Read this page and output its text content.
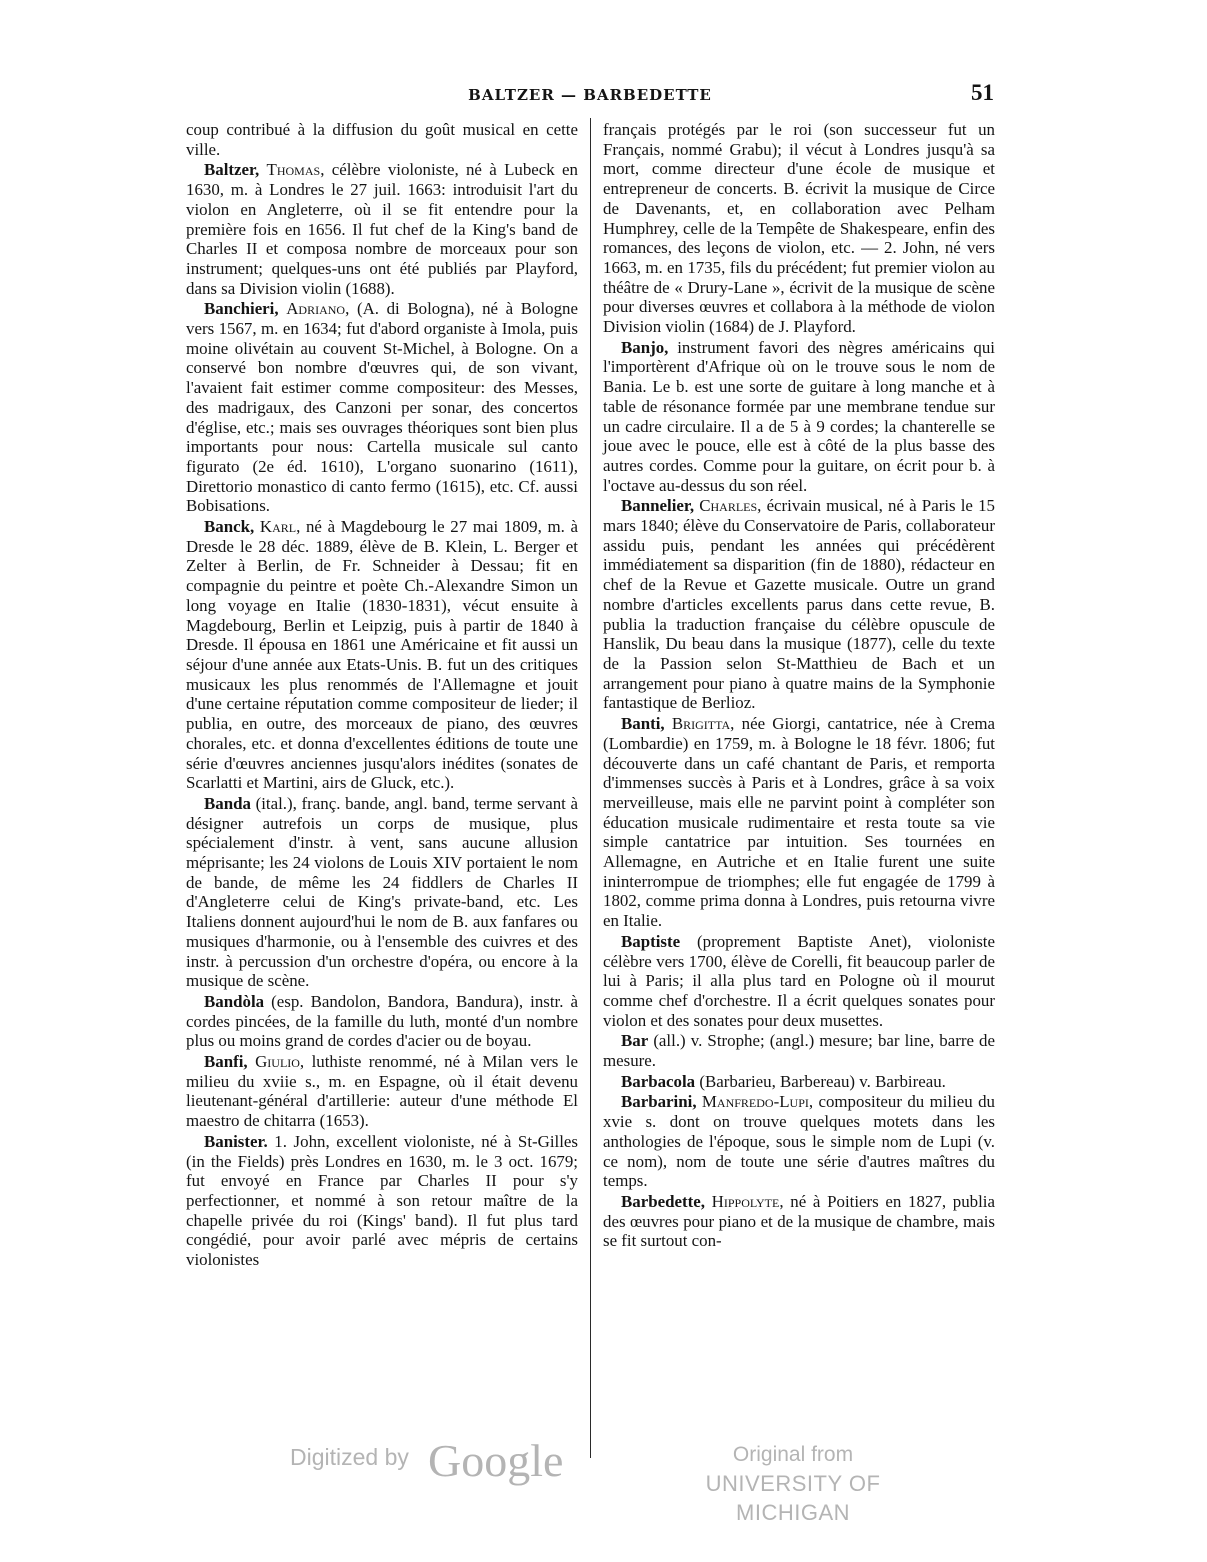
BALTZER — BARBEDETTE	51

coup contribué à la diffusion du goût musical en cette ville.

Baltzer, Thomas, célèbre violoniste, né à Lubeck en 1630, m. à Londres le 27 juil. 1663: introduisit l'art du violon en Angleterre, où il se fit entendre pour la première fois en 1656. Il fut chef de la King's band de Charles II et composa nombre de morceaux pour son instrument; quelques-uns ont été publiés par Playford, dans sa Division violin (1688).

Banchieri, Adriano, (A. di Bologna), né à Bologne vers 1567, m. en 1634; fut d'abord organiste à Imola, puis moine olivétain au couvent St-Michel, à Bologne. On a conservé bon nombre d'œuvres qui, de son vivant, l'avaient fait estimer comme compositeur: des Messes, des madrigaux, des Canzoni per sonar, des concertos d'église, etc.; mais ses ouvrages théoriques sont bien plus importants pour nous: Cartella musicale sul canto figurato (2e éd. 1610), L'organo suonarino (1611), Direttorio monastico di canto fermo (1615), etc. Cf. aussi Bobisations.

Banck, Karl, né à Magdebourg le 27 mai 1809, m. à Dresde le 28 déc. 1889, élève de B. Klein, L. Berger et Zelter à Berlin, de Fr. Schneider à Dessau; fit en compagnie du peintre et poète Ch.-Alexandre Simon un long voyage en Italie (1830-1831), vécut ensuite à Magdebourg, Berlin et Leipzig, puis à partir de 1840 à Dresde. Il épousa en 1861 une Américaine et fit aussi un séjour d'une année aux Etats-Unis. B. fut un des critiques musicaux les plus renommés de l'Allemagne et jouit d'une certaine réputation comme compositeur de lieder; il publia, en outre, des morceaux de piano, des œuvres chorales, etc. et donna d'excellentes éditions de toute une série d'œuvres anciennes jusqu'alors inédites (sonates de Scarlatti et Martini, airs de Gluck, etc.).

Banda (ital.), franç. bande, angl. band, terme servant à désigner autrefois un corps de musique, plus spécialement d'instr. à vent, sans aucune allusion méprisante; les 24 violons de Louis XIV portaient le nom de bande, de même les 24 fiddlers de Charles II d'Angleterre celui de King's private-band, etc. Les Italiens donnent aujourd'hui le nom de B. aux fanfares ou musiques d'harmonie, ou à l'ensemble des cuivres et des instr. à percussion d'un orchestre d'opéra, ou encore à la musique de scène.

Bandòla (esp. Bandolon, Bandora, Bandura), instr. à cordes pincées, de la famille du luth, monté d'un nombre plus ou moins grand de cordes d'acier ou de boyau.

Banfi, Giulio, luthiste renommé, né à Milan vers le milieu du xviie s., m. en Espagne, où il était devenu lieutenant-général d'artillerie: auteur d'une méthode El maestro de chitarra (1653).

Banister. 1. John, excellent violoniste, né à St-Gilles (in the Fields) près Londres en 1630, m. le 3 oct. 1679; fut envoyé en France par Charles II pour s'y perfectionner, et nommé à son retour maître de la chapelle privée du roi (Kings' band). Il fut plus tard congédié, pour avoir parlé avec mépris de certains violonistes

français protégés par le roi (son successeur fut un Français, nommé Grabu); il vécut à Londres jusqu'à sa mort, comme directeur d'une école de musique et entrepreneur de concerts. B. écrivit la musique de Circe de Davenants, et, en collaboration avec Pelham Humphrey, celle de la Tempête de Shakespeare, enfin des romances, des leçons de violon, etc. — 2. John, né vers 1663, m. en 1735, fils du précédent; fut premier violon au théâtre de « Drury-Lane », écrivit de la musique de scène pour diverses œuvres et collabora à la méthode de violon Division violin (1684) de J. Playford.

Banjo, instrument favori des nègres américains qui l'importèrent d'Afrique où on le trouve sous le nom de Bania. Le b. est une sorte de guitare à long manche et à table de résonance formée par une membrane tendue sur un cadre circulaire. Il a de 5 à 9 cordes; la chanterelle se joue avec le pouce, elle est à côté de la plus basse des autres cordes. Comme pour la guitare, on écrit pour b. à l'octave au-dessus du son réel.

Bannelier, Charles, écrivain musical, né à Paris le 15 mars 1840; élève du Conservatoire de Paris, collaborateur assidu puis, pendant les années qui précédèrent immédiatement sa disparition (fin de 1880), rédacteur en chef de la Revue et Gazette musicale. Outre un grand nombre d'articles excellents parus dans cette revue, B. publia la traduction française du célèbre opuscule de Hanslik, Du beau dans la musique (1877), celle du texte de la Passion selon St-Matthieu de Bach et un arrangement pour piano à quatre mains de la Symphonie fantastique de Berlioz.

Banti, Brigitta, née Giorgi, cantatrice, née à Crema (Lombardie) en 1759, m. à Bologne le 18 févr. 1806; fut découverte dans un café chantant de Paris, et remporta d'immenses succès à Paris et à Londres, grâce à sa voix merveilleuse, mais elle ne parvint point à compléter son éducation musicale rudimentaire et resta toute sa vie simple cantatrice par intuition. Ses tournées en Allemagne, en Autriche et en Italie furent une suite ininterrompue de triomphes; elle fut engagée de 1799 à 1802, comme prima donna à Londres, puis retourna vivre en Italie.

Baptiste (proprement Baptiste Anet), violoniste célèbre vers 1700, élève de Corelli, fit beaucoup parler de lui à Paris; il alla plus tard en Pologne où il mourut comme chef d'orchestre. Il a écrit quelques sonates pour violon et des sonates pour deux musettes.

Bar (all.) v. Strophe; (angl.) mesure; bar line, barre de mesure.

Barbacola (Barbarieu, Barbereau) v. Barbireau.

Barbarini, Manfredo-Lupi, compositeur du milieu du xvie s. dont on trouve quelques motets dans les anthologies de l'époque, sous le simple nom de Lupi (v. ce nom), nom de toute une série d'autres maîtres du temps.

Barbedette, Hippolyte, né à Poitiers en 1827, publia des œuvres pour piano et de la musique de chambre, mais se fit surtout con-

Digitized by Google	Original from
UNIVERSITY OF MICHIGAN
